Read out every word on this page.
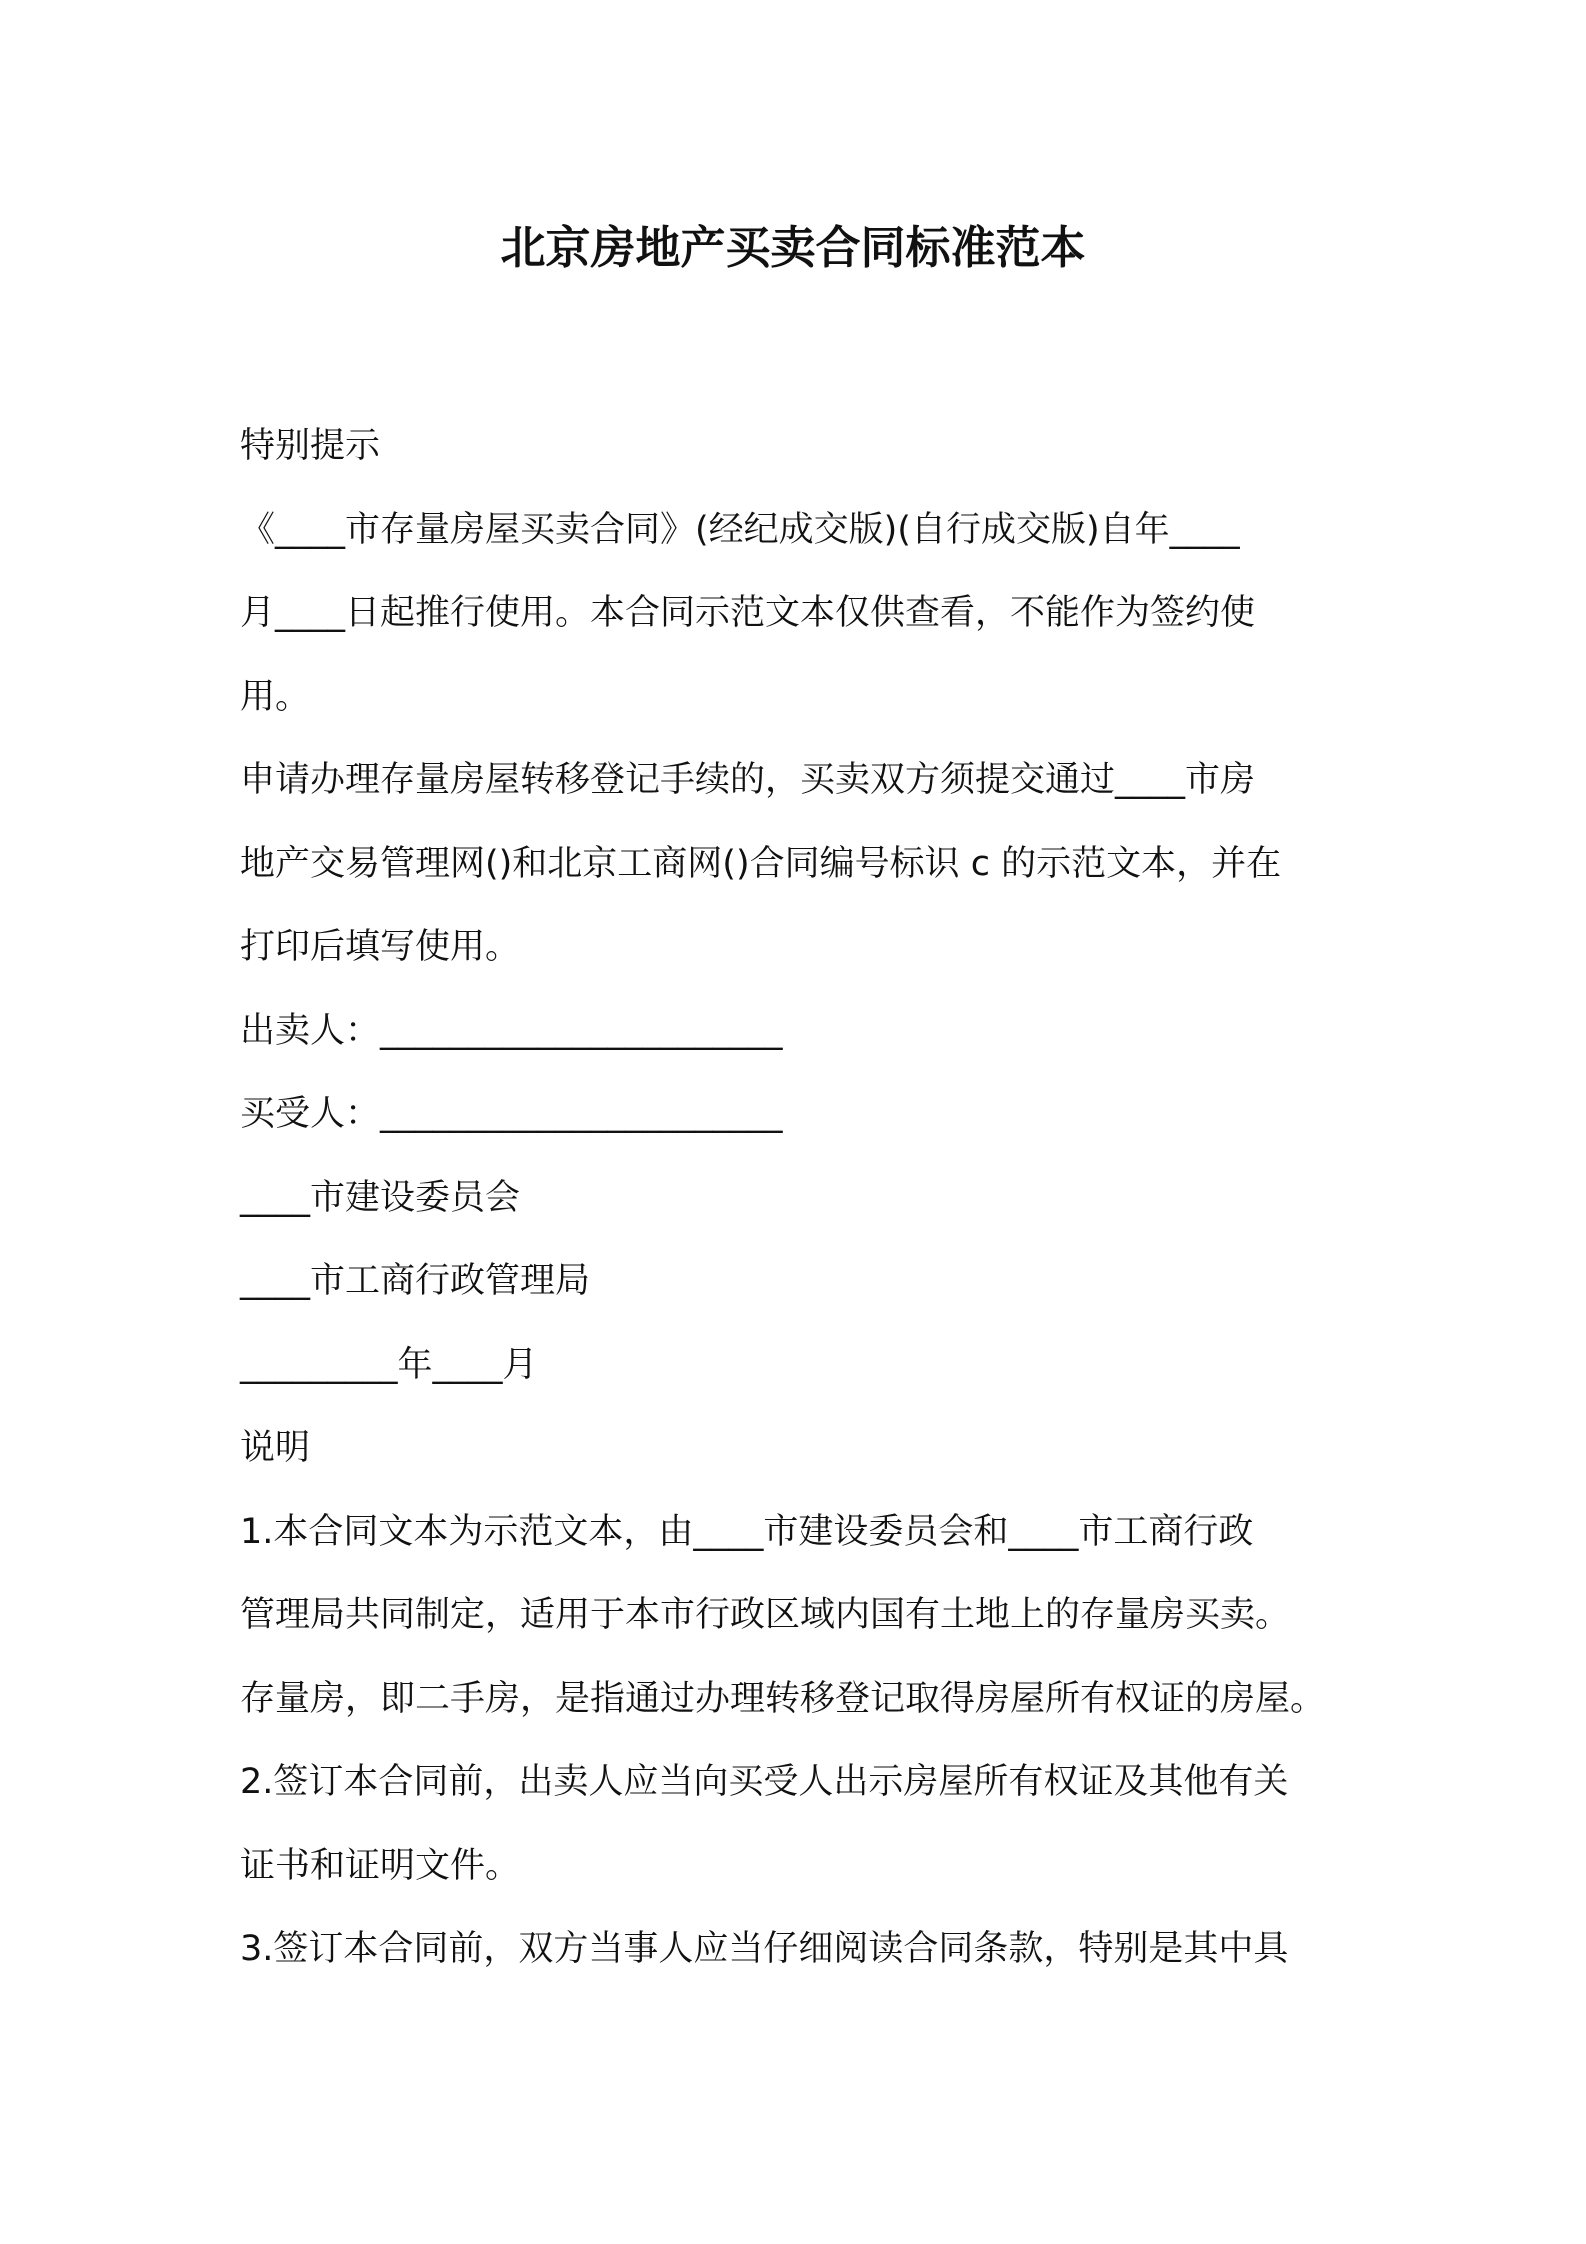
北京房地产买卖合同标准范本
特别提示
《____市存量房屋买卖合同》(经纪成交版)(自行成交版)自年____
月____日起推行使用。本合同示范文本仅供查看，不能作为签约使
用。
申请办理存量房屋转移登记手续的，买卖双方须提交通过____市房
地产交易管理网()和北京工商网()合同编号标识 c 的示范文本，并在
打印后填写使用。
出卖人：_______________________
买受人：_______________________
____市建设委员会
____市工商行政管理局
_________年____月
说明
1.本合同文本为示范文本，由____市建设委员会和____市工商行政
管理局共同制定，适用于本市行政区域内国有土地上的存量房买卖。
存量房，即二手房，是指通过办理转移登记取得房屋所有权证的房屋。
2.签订本合同前，出卖人应当向买受人出示房屋所有权证及其他有关
证书和证明文件。
3.签订本合同前，双方当事人应当仔细阅读合同条款，特别是其中具
